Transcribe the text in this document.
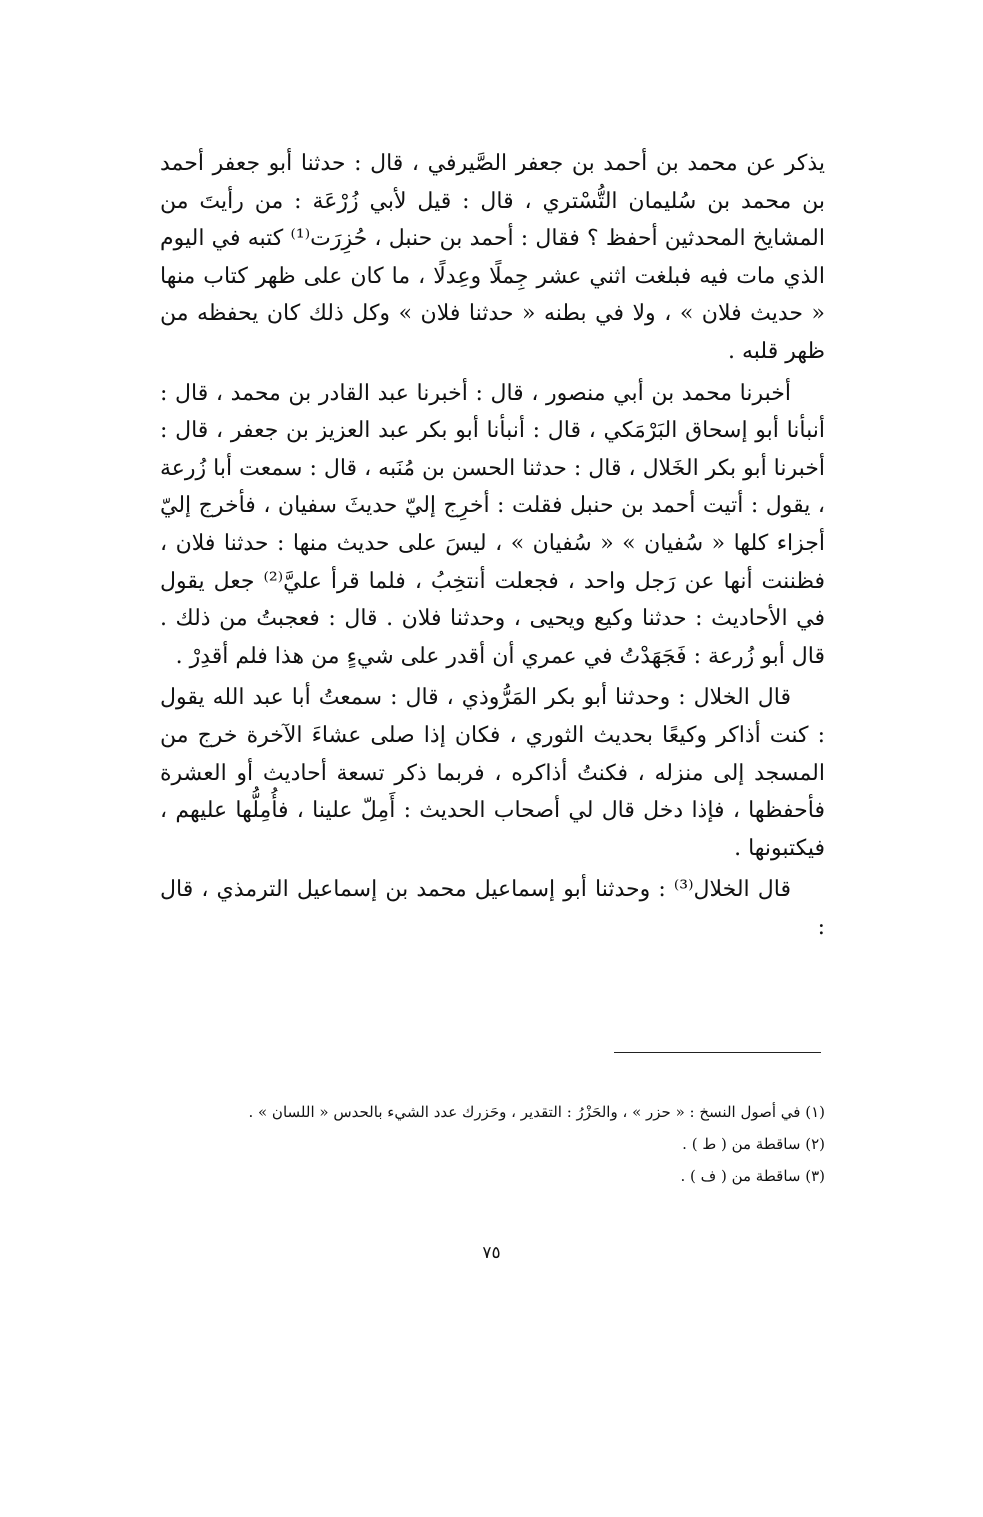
يذكر عن محمد بن أحمد بن جعفر الصَّيرفي ، قال : حدثنا أبو جعفر أحمد بن محمد بن سُليمان التُّسْتري ، قال : قيل لأبي زُرْعَة : من رأيتَ من المشايخ المحدثين أحفظ ؟ فقال : أحمد بن حنبل ، حُزِرَت⁽¹⁾ كتبه في اليوم الذي مات فيه فبلغت اثني عشر جِملًا وعِدلًا ، ما كان على ظهر كتاب منها « حديث فلان » ، ولا في بطنه « حدثنا فلان » وكل ذلك كان يحفظه من ظهر قلبه .

أخبرنا محمد بن أبي منصور ، قال : أخبرنا عبد القادر بن محمد ، قال : أنبأنا أبو إسحاق البَرْمَكي ، قال : أنبأنا أبو بكر عبد العزيز بن جعفر ، قال : أخبرنا أبو بكر الخَلال ، قال : حدثنا الحسن بن مُنَبه ، قال : سمعت أبا زُرعة ، يقول : أتيت أحمد بن حنبل فقلت : أخرِج إليّ حديثَ سفيان ، فأخرج إليّ أجزاء كلها « سُفيان » « سُفيان » ، ليسَ على حديث منها : حدثنا فلان ، فظننت أنها عن رَجل واحد ، فجعلت أنتخِبُ ، فلما قرأ عليَّ⁽²⁾ جعل يقول في الأحاديث : حدثنا وكيع ويحيى ، وحدثنا فلان . قال : فعجبتُ من ذلك . قال أبو زُرعة : فَجَهَدْتُ في عمري أن أقدر على شيءٍ من هذا فلم أقدِرْ .

قال الخلال : وحدثنا أبو بكر المَرُّوذي ، قال : سمعتُ أبا عبد الله يقول : كنت أذاكر وكيعًا بحديث الثوري ، فكان إذا صلى عشاءَ الآخرة خرج من المسجد إلى منزله ، فكنتُ أذاكره ، فربما ذكر تسعة أحاديث أو العشرة فأحفظها ، فإذا دخل قال لي أصحاب الحديث : أَمِلّ علينا ، فأُمِلُّها عليهم ، فيكتبونها .

قال الخلال⁽³⁾ : وحدثنا أبو إسماعيل محمد بن إسماعيل الترمذي ، قال :

(١) في أصول النسخ : « حزر » ، والحَزْرُ : التقدير ، وحَزرك عدد الشيء بالحدس « اللسان » .

(٢) ساقطة من ( ط ) .

(٣) ساقطة من ( ف ) .

٧٥
